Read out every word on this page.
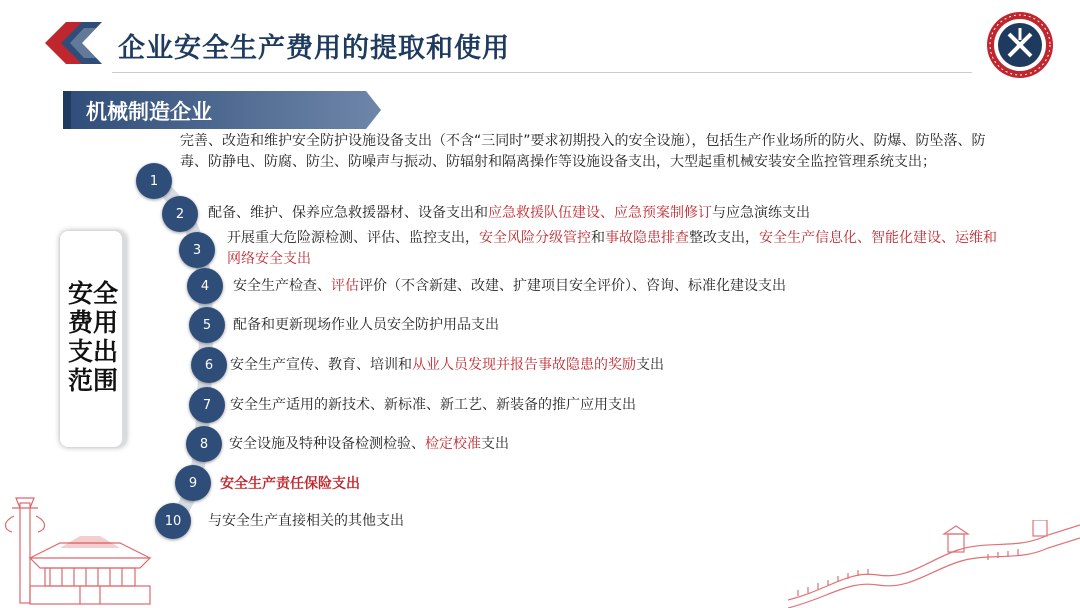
企业安全生产费用的提取和使用
机械制造企业
安全费用支出范围
1
2
3
4
5
6
7
8
9
10
完善、改造和维护安全防护设施设备支出（不含“三同时”要求初期投入的安全设施），包括生产作业场所的防火、防爆、防坠落、防毒、防静电、防腐、防尘、防噪声与振动、防辐射和隔离操作等设施设备支出，大型起重机械安装安全监控管理系统支出；
配备、维护、保养应急救援器材、设备支出和应急救援队伍建设、应急预案制修订与应急演练支出
开展重大危险源检测、评估、监控支出，安全风险分级管控和事故隐患排查整改支出，安全生产信息化、智能化建设、运维和网络安全支出
安全生产检查、评估评价（不含新建、改建、扩建项目安全评价）、咨询、标准化建设支出
配备和更新现场作业人员安全防护用品支出
安全生产宣传、教育、培训和从业人员发现并报告事故隐患的奖励支出
安全生产适用的新技术、新标准、新工艺、新装备的推广应用支出
安全设施及特种设备检测检验、检定校准支出
安全生产责任保险支出
与安全生产直接相关的其他支出
